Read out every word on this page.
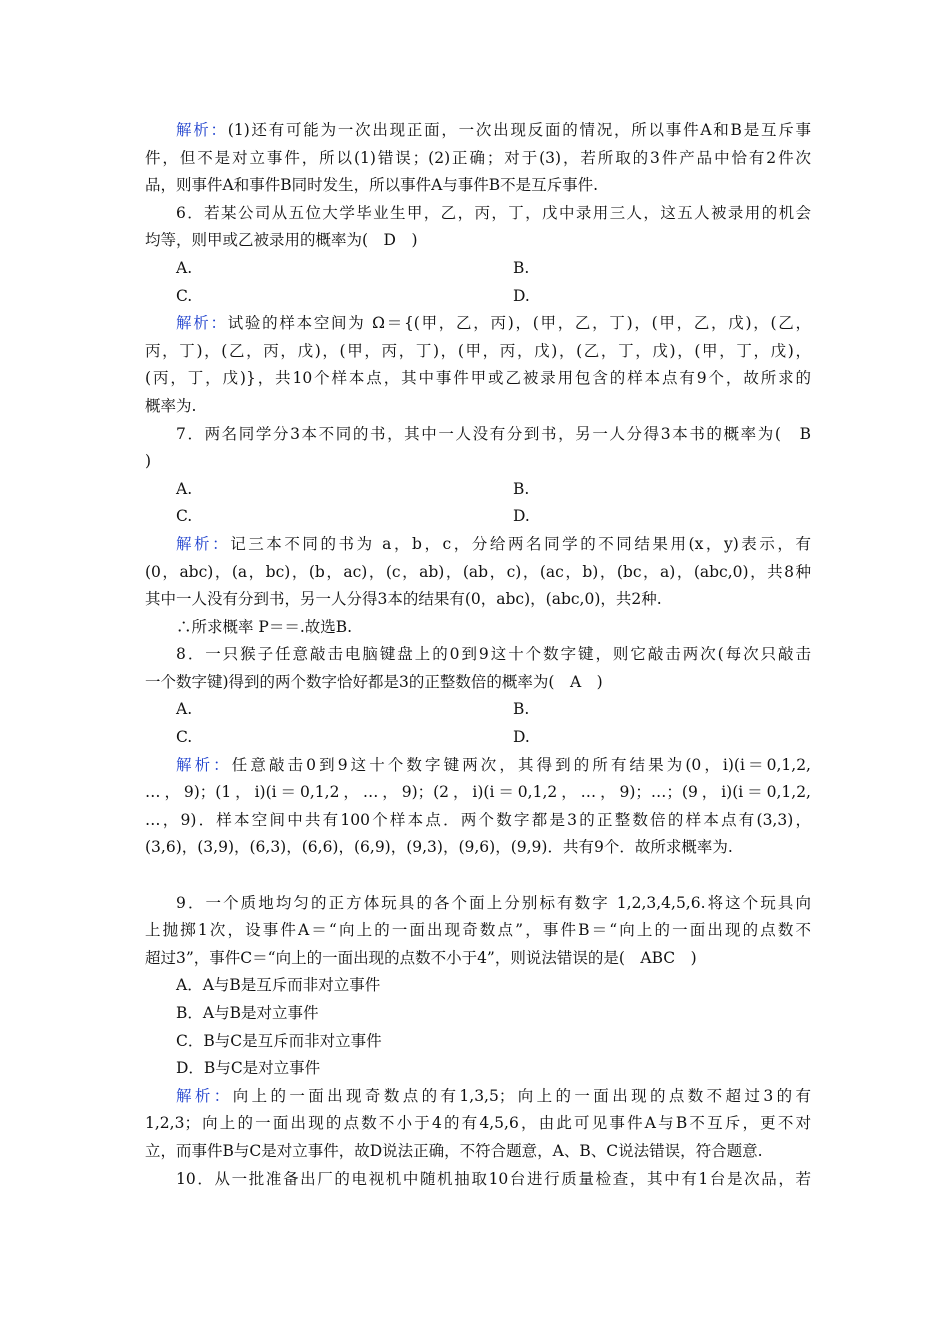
解析：(1)还有可能为一次出现正面，一次出现反面的情况，所以事件A和B是互斥事
件，但不是对立事件，所以(1)错误；(2)正确；对于(3)，若所取的3件产品中恰有2件次
品，则事件A和事件B同时发生，所以事件A与事件B不是互斥事件.
6．若某公司从五位大学毕业生甲，乙，丙，丁，戊中录用三人，这五人被录用的机会
均等，则甲或乙被录用的概率为(　D　)
A.	B.
C.	D.
解析：试验的样本空间为 Ω＝{(甲，乙，丙)，(甲，乙，丁)，(甲，乙，戊)，(乙，
丙，丁)，(乙，丙，戊)，(甲，丙，丁)，(甲，丙，戊)，(乙，丁，戊)，(甲，丁，戊)，
(丙，丁，戊)}，共10个样本点，其中事件甲或乙被录用包含的样本点有9个，故所求的
概率为.
7．两名同学分3本不同的书，其中一人没有分到书，另一人分得3本书的概率为(　B
)
A.	B.
C.	D.
解析：记三本不同的书为 a，b，c，分给两名同学的不同结果用(x，y)表示，有
(0，abc)，(a，bc)，(b，ac)，(c，ab)，(ab，c)，(ac，b)，(bc，a)，(abc,0)，共8种
其中一人没有分到书，另一人分得3本的结果有(0，abc)，(abc,0)，共2种.
∴所求概率 P＝＝.故选B.
8．一只猴子任意敲击电脑键盘上的0到9这十个数字键，则它敲击两次(每次只敲击
一个数字键)得到的两个数字恰好都是3的正整数倍的概率为(　A　)
A.	B.
C.	D.
解析：任意敲击0到9这十个数字键两次，其得到的所有结果为(0，i)(i＝0,1,2,
…，9)；(1，i)(i＝0,1,2，…，9)；(2，i)(i＝0,1,2，…，9)；…；(9，i)(i＝0,1,2,
…，9)．样本空间中共有100个样本点．两个数字都是3的正整数倍的样本点有(3,3)，
(3,6)，(3,9)，(6,3)，(6,6)，(6,9)，(9,3)，(9,6)，(9,9)．共有9个．故所求概率为.
9．一个质地均匀的正方体玩具的各个面上分别标有数字 1,2,3,4,5,6.将这个玩具向
上抛掷1次，设事件A＝“向上的一面出现奇数点”，事件B＝“向上的一面出现的点数不
超过3”，事件C＝“向上的一面出现的点数不小于4”，则说法错误的是(　ABC　)
A．A与B是互斥而非对立事件
B．A与B是对立事件
C．B与C是互斥而非对立事件
D．B与C是对立事件
解析：向上的一面出现奇数点的有1,3,5；向上的一面出现的点数不超过3的有
1,2,3；向上的一面出现的点数不小于4的有4,5,6，由此可见事件A与B不互斥，更不对
立，而事件B与C是对立事件，故D说法正确，不符合题意，A、B、C说法错误，符合题意.
10．从一批准备出厂的电视机中随机抽取10台进行质量检查，其中有1台是次品，若
